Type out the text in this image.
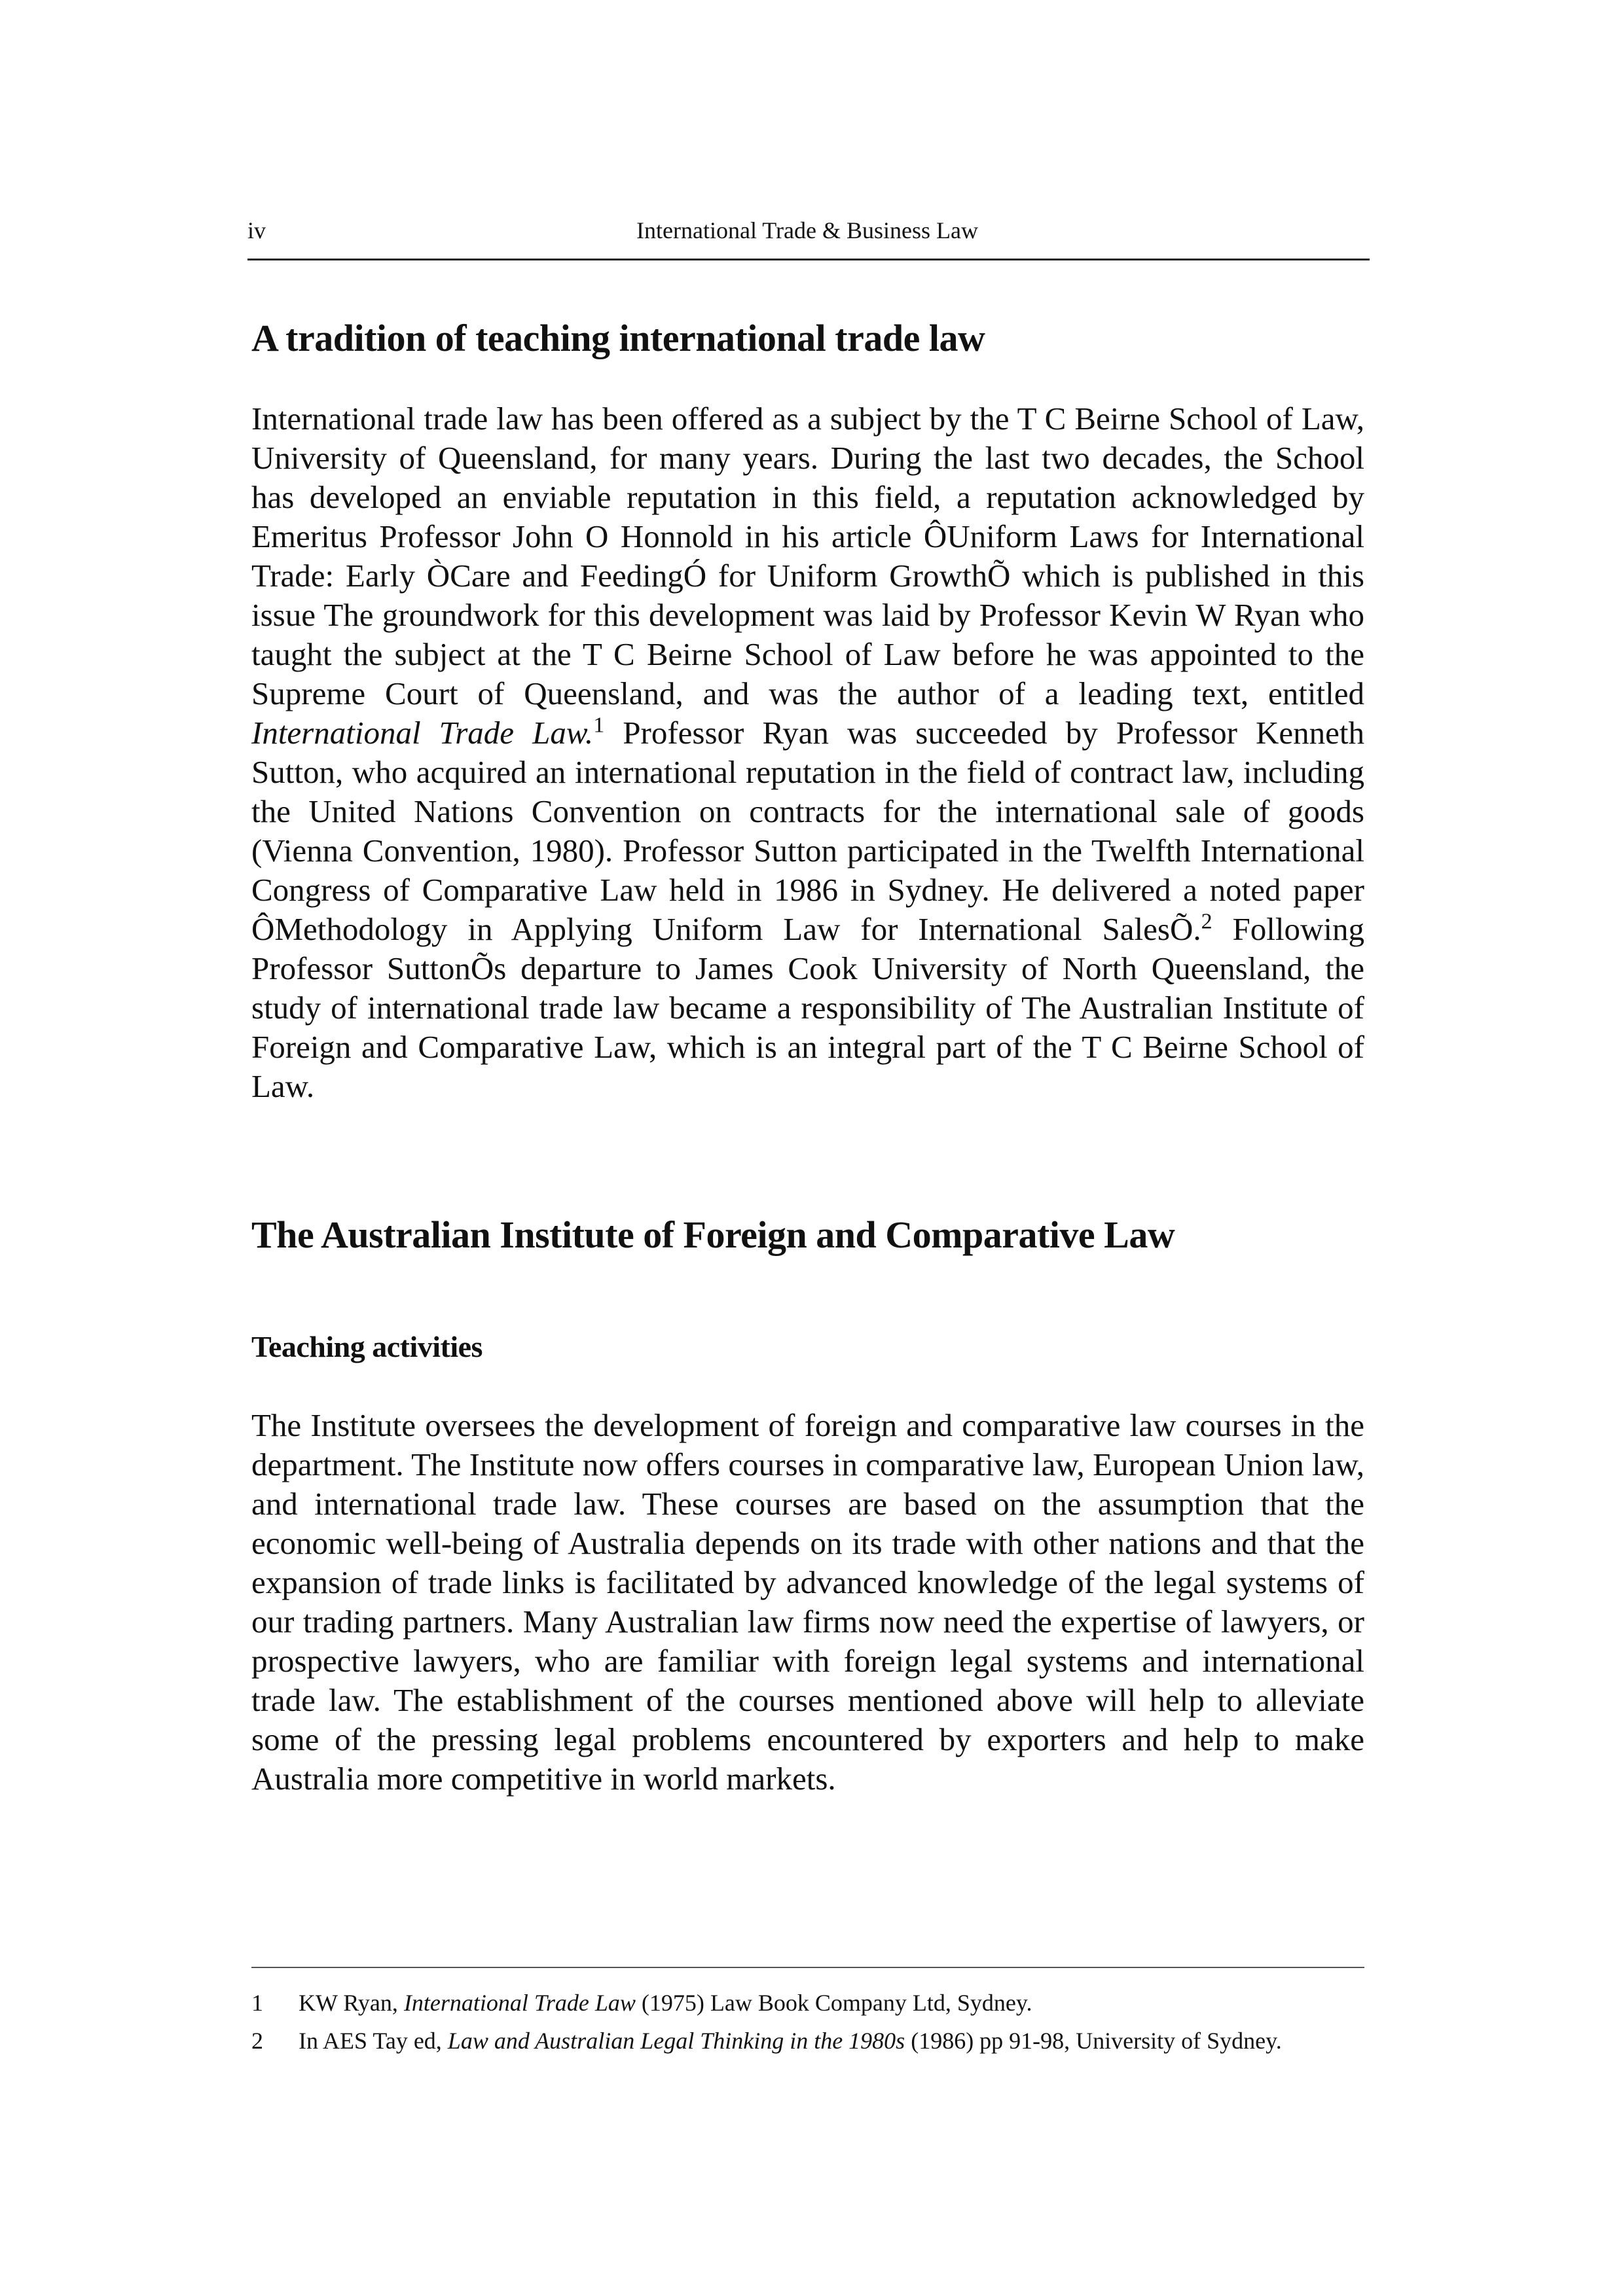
iv	International Trade & Business Law
A tradition of teaching international trade law

International trade law has been offered as a subject by the T C Beirne School of Law, University of Queensland, for many years. During the last two decades, the School has developed an enviable reputation in this field, a reputation acknowledged by Emeritus Professor John O Honnold in his article ÔUniform Laws for International Trade: Early ÒCare and FeedingÓ for Uniform GrowthÕ which is published in this issue The groundwork for this development was laid by Professor Kevin W Ryan who taught the subject at the T C Beirne School of Law before he was appointed to the Supreme Court of Queensland, and was the author of a leading text, entitled International Trade Law.$^1$ Professor Ryan was succeeded by Professor Kenneth Sutton, who acquired an international reputation in the field of contract law, including the United Nations Convention on contracts for the international sale of goods (Vienna Convention, 1980). Professor Sutton participated in the Twelfth International Congress of Comparative Law held in 1986 in Sydney. He delivered a noted paper ÔMethodology in Applying Uniform Law for International SalesÕ.$^2$ Following Professor SuttonÕs departure to James Cook University of North Queensland, the study of international trade law became a responsibility of The Australian Institute of Foreign and Comparative Law, which is an integral part of the T C Beirne School of Law.

The Australian Institute of Foreign and Comparative Law
Teaching activities

The Institute oversees the development of foreign and comparative law courses in the department. The Institute now offers courses in comparative law, European Union law, and international trade law. These courses are based on the assumption that the economic well-being of Australia depends on its trade with other nations and that the expansion of trade links is facilitated by advanced knowledge of the legal systems of our trading partners. Many Australian law firms now need the expertise of lawyers, or prospective lawyers, who are familiar with foreign legal systems and international trade law. The establishment of the courses mentioned above will help to alleviate some of the pressing legal problems encountered by exporters and help to make Australia more competitive in world markets.

1 KW Ryan, International Trade Law (1975) Law Book Company Ltd, Sydney.
2 In AES Tay ed, Law and Australian Legal Thinking in the 1980s (1986) pp 91-98, University of Sydney.
